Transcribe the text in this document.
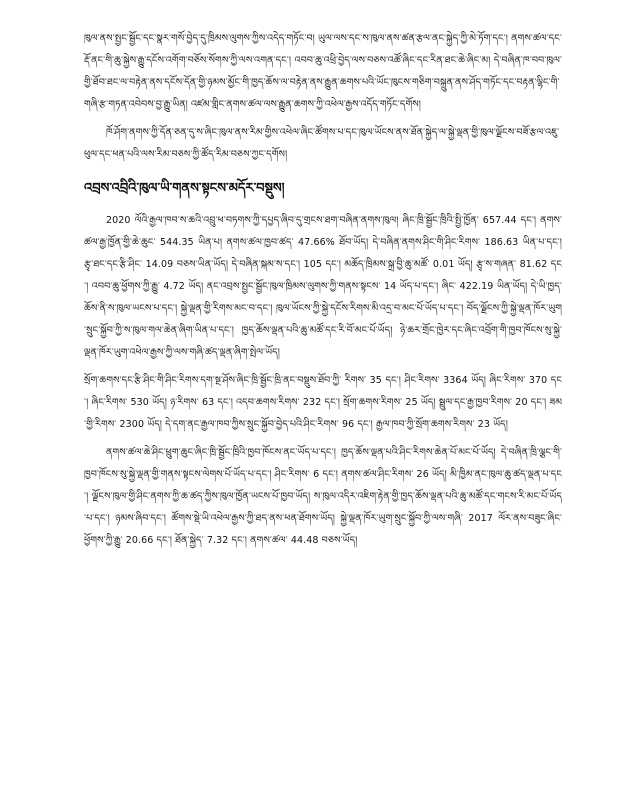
ཁུལ་ནས་སྤྱང་སྦྱོང་དང་སྣར་གསོ་བྱེད་དུ་ཁྲིམས་ལུགས་ཀྱིས་འདེད་གཏོང་བ། ཡུལ་ལས་དང་ས་ཁུལ་ནས་ཚན་རྩལ་ནང་སྐྱེད་ཀྱི་མེ་ཏོག་དང་། ནགས་ཚལ་དང་རྡོ་ནང་གི་ཆུ་སྐྱེས་རྒྱུ་དངོས་འགོག་བཅོས་སོགས་ཀྱི་ལས་འགན་དང་། འབབ་ཆུ་འཕྲི་བྱེད་ལས་བཅས་འཚོ་ཞིང་དང་རིན་ཐང་ཆེ་ཞིང་མ། དེ་བཞིན་ཁ་བབ་ཁུལ་གྱི་ཐོབ་ཐང་ལ་བརྟེན་ནས་དངོས་དོན་གྱི་ཉམས་མྱོང་གི་ཁྱད་ཆོས་ལ་བརྟེན་ནས་རྒྱུན་ཆགས་པའི་ཡོང་ཁུངས་གཅིག་བསྐྲུན་ནས་ཤོད་གཏོང་དང་བརྟན་ལྷིང་གི་གཞི་རྩ་གཏན་འབེབས་བྱ་རྒྱུ་ཡིན། འཛམ་གླིང་ནགས་ཚལ་ལས་རྒྱུན་ཆགས་ཀྱི་འཕེལ་རྒྱས་འདོད་གཏོང་དགོས།

ཁོ་ཤོག་ནགས་ཀྱི་དོན་ཅན་དུ་ས་ཞིང་ཁུལ་ནས་རིམ་གྱིས་འཕེལ་ཞིང་ཚོགས་པ་དང་ཁུལ་ཡོངས་ནས་ཐོན་སྐྱེད་ལ་སྐྱེ་ལྡན་གྱི་ཁུལ་ལྗོངས་བཟོ་རྩལ་འཇུ་ཕུལ་དང་ཕན་པའི་ལས་རིམ་བཅས་ཀྱི་ཚོད་རིམ་བཅས་ཀྱང་དགོས།

འབྲས་འབྲིའི་ཁུལ་ཡི་གནས་སྟངས་མདོར་བསྡུས།

2020 ལོའི་རྒྱལ་ཁབ་ས་ཆའི་འབྲུ་ཕ་བཏགས་ཀྱི་དཔྱད་ཞིབ་དུ་གྲངས་ཐག་བཞིན་ནགས་ཁུལ། ཞིང་ཁྲི་སྦྱོང་ཁྲིའི་སྤྱི་ཁྱོན་ 657.44 དང་། ནགས་ཚལ་རྒྱ་ཁྱོན་གྱི་ཆེ་ཆུང་ 544.35 ཡིན་པ། ནགས་ཚལ་ཁྱབ་ཚད་ 47.66% ཐོབ་ཡོད། དེ་བཞིན་ནགས་ཤིང་གི་ཤིང་རིགས་ 186.63 ཡིན་པ་དང་། རྩྭ་ཐང་དང་རྩི་ཤིང་ 14.09 བཅས་ཡིན་ཡོད། དེ་བཞིན་སྐམ་ས་དང་། 105 དང་། མཆོད་ཁྲིམས་སྐྲ་བྱི་ཆུ་མཚོ་ 0.01 ཡོད། རྩྭ་ས་གཞན་ 81.62 དང་། འབབ་ཆུ་ཕྱོགས་ཀྱི་རྒྱུ་ 4.72 ཡོད། ནང་འབྲས་སྤྱང་སྦྱོང་ཁུལ་ཁྲིམས་ལུགས་ཀྱི་གནས་སྟངས་ 14 ཡོད་པ་དང་། ཞིང་ 422.19 ཡིན་ཡོད། དེ་ཡི་ཁྱད་ཆོས་ནི་ས་ཁུལ་ཡངས་པ་དང་། སྐྱེ་ལྡན་གྱི་རིགས་མང་བ་དང་། ཁུལ་ཡོངས་ཀྱི་སྐྱེ་དངོས་རིགས་མི་འདྲ་བ་མང་པོ་ཡོད་པ་དང་། བོད་ལྗོངས་ཀྱི་སྐྱེ་ལྡན་ཁོར་ཡུག་སྲུང་སྐྱོབ་ཀྱི་ས་ཁུལ་གལ་ཆེན་ཞིག་ཡིན་པ་དང་། ཁྱད་ཆོས་ལྡན་པའི་ཆུ་མཚོ་དང་རི་བོ་མང་པོ་ཡོད། ཉེ་ཆར་གྲོང་ཁྱེར་དང་ཞིང་འབྲོག་གི་ཁྱབ་ཁོངས་སུ་སྐྱེ་ལྡན་ཁོར་ཡུག་འཕེལ་རྒྱས་ཀྱི་ལས་གཞི་ཚད་ལྡན་ཞིག་སྤེལ་ཡོད།

སྲོག་ཆགས་དང་རྩི་ཤིང་གི་ཤིང་རིགས་དག་སྔ་ཤོས་ཞིང་ཁྲི་སྦྱོང་ཁྲི་ནང་བསྡུས་ཐོབ་ཀྱི་ རིགས་ 35 དང་། ཤིང་རིགས་ 3364 ཡོད། ཞིང་རིགས་ 370 དང་། ཞིང་རིགས་ 530 ཡོད། ཉ་རིགས་ 63 དང་། འདབ་ཆགས་རིགས་ 232 དང་། སྲོག་ཆགས་རིགས་ 25 ཡོད། སྦྲུལ་དང་རྒྱ་ཁྱབ་རིགས་ 20 དང་། ཟམ་གྱི་རིགས་ 2300 ཡོད། དེ་དག་ནང་རྒྱལ་ཁབ་ཀྱིས་སྲུང་སྐྱོབ་བྱེད་པའི་ཤིང་རིགས་ 96 དང་། རྒྱལ་ཁབ་ཀྱི་སྲོག་ཆགས་རིགས་ 23 ཡོད།

ནགས་ཚལ་ཆེ་ཤིང་ཕྲུག་ཆུང་ཞིང་ཁྲི་སྦྱོང་ཁྲིའི་ཁྱབ་ཁོངས་ནང་ཡོད་པ་དང་། ཁྱད་ཆོས་ལྡན་པའི་ཤིང་རིགས་ཆེན་པོ་མང་པོ་ཡོད། དེ་བཞིན་ཁྲི་ལྕང་གི་ཁྱབ་ཁོངས་སུ་སྐྱེ་ལྡན་གྱི་གནས་སྟངས་ལེགས་པོ་ཡོད་པ་དང་། ཤིང་རིགས་ 6 དང་། ནགས་ཚལ་ཤིང་རིགས་ 26 ཡོད། མི་ཁྱིམ་ནང་ཁུལ་ཆུ་ཚད་ལྡན་པ་དང་། ལྗོངས་ཁུལ་གྱི་ཤིང་ནགས་ཀྱི་ཆ་ཚད་ཀྱིས་ཁུལ་ཁྱོན་ཡངས་པོ་ཁྱབ་ཡོད། ས་ཁུལ་འདིར་འཇིག་རྟེན་གྱི་ཁྱད་ཆོས་ལྡན་པའི་ཆུ་མཚོ་དང་གངས་རི་མང་པོ་ཡོད་པ་དང་། ཉམས་ཞིབ་དང་། ཚོགས་སྡེ་ཡི་འཕེལ་རྒྱས་ཀྱི་ཐད་ནས་ཕན་ཐོགས་ཡོད། སྐྱེ་ལྡན་ཁོར་ཡུག་སྲུང་སྐྱོབ་ཀྱི་ལས་གཞི་ 2017 ལོར་ནས་བཟུང་ཞིང་ཕྱོགས་ཀྱི་རྒྱུ་ 20.66 དང་། ཐོན་སྐྱེད་ 7.32 དང་། ནགས་ཚལ་ 44.48 བཅས་ཡོད།
